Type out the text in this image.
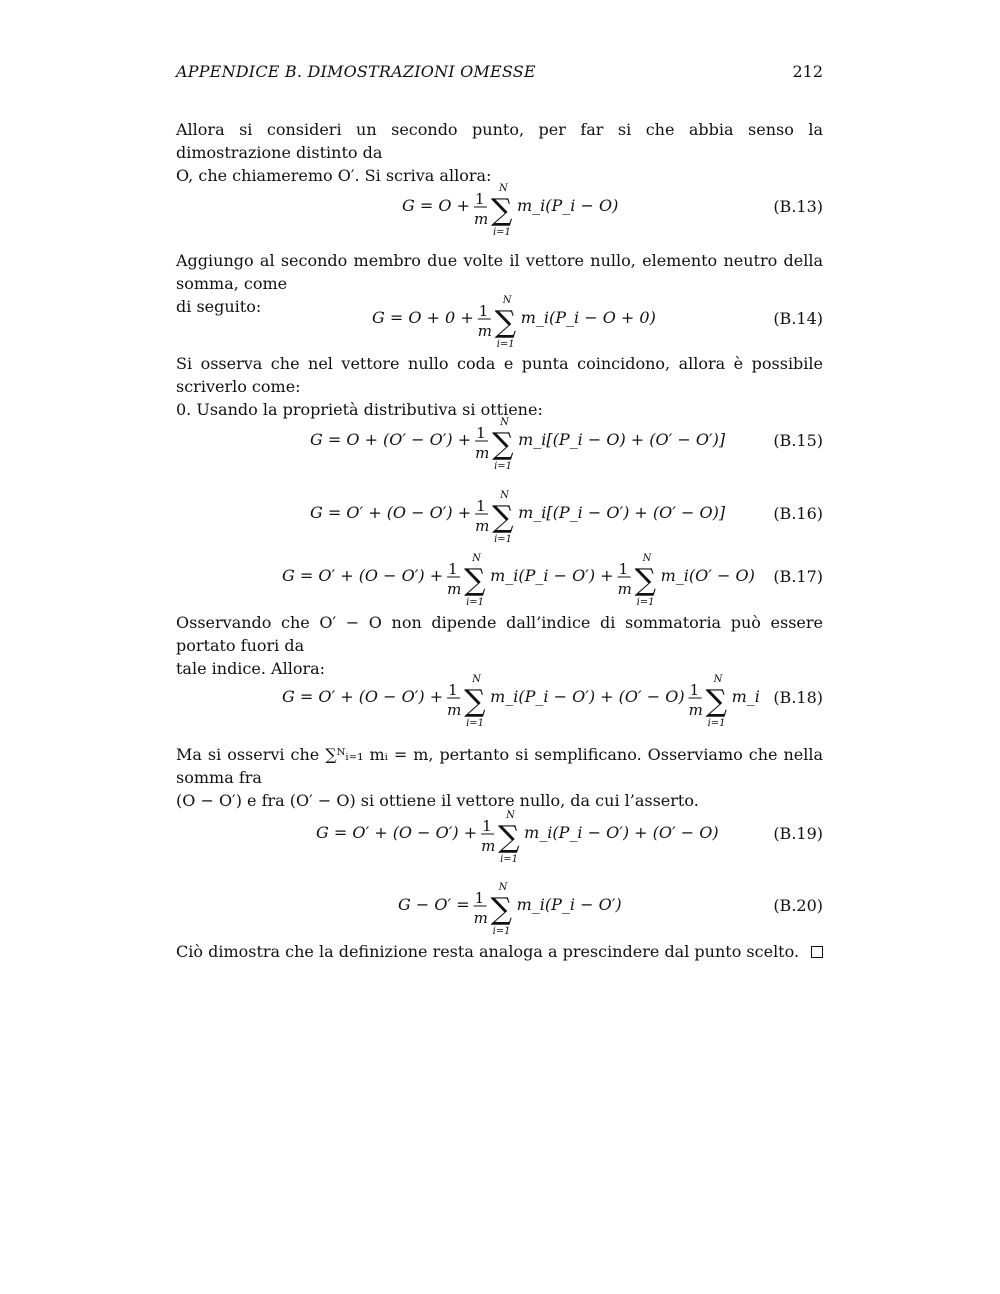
APPENDICE B. DIMOSTRAZIONI OMESSE	212
Allora si consideri un secondo punto, per far si che abbia senso la dimostrazione distinto da
O, che chiameremo O′. Si scriva allora:
G = O + 1
m
N
∑
i=1
m_i(P_i − O)	(B.13)
Aggiungo al secondo membro due volte il vettore nullo, elemento neutro della somma, come
di seguito:
G = O + 0 + 1
m
N
∑
i=1
m_i(P_i − O + 0)	(B.14)
Si osserva che nel vettore nullo coda e punta coincidono, allora è possibile scriverlo come:
0. Usando la proprietà distributiva si ottiene:
G = O + (O′ − O′) + 1
m
N
∑
i=1
m_i[(P_i − O) + (O′ − O′)]	(B.15)
G = O′ + (O − O′) + 1
m
N
∑
i=1
m_i[(P_i − O′) + (O′ − O)]	(B.16)
G = O′ + (O − O′) + 1
m
N
∑
i=1
m_i(P_i − O′) + 1
m
N
∑
i=1
m_i(O′ − O) (B.17)
Osservando che O′ − O non dipende dall’indice di sommatoria può essere portato fuori da
tale indice. Allora:
G = O′ + (O − O′) + 1
m
N
∑
i=1
m_i(P_i − O′) + (O′ − O) 1
m
N
∑
i=1
m_i (B.18)
Ma si osservi che ∑ᴺᵢ₌₁ mᵢ = m, pertanto si semplificano. Osserviamo che nella somma fra
(O − O′) e fra (O′ − O) si ottiene il vettore nullo, da cui l’asserto.
G = O′ + (O − O′) + 1
m
N
∑
i=1
m_i(P_i − O′) + (O′ − O)	(B.19)
G − O′ = 1
m
N
∑
i=1
m_i(P_i − O′)	(B.20)
Ciò dimostra che la definizione resta analoga a prescindere dal punto scelto.
